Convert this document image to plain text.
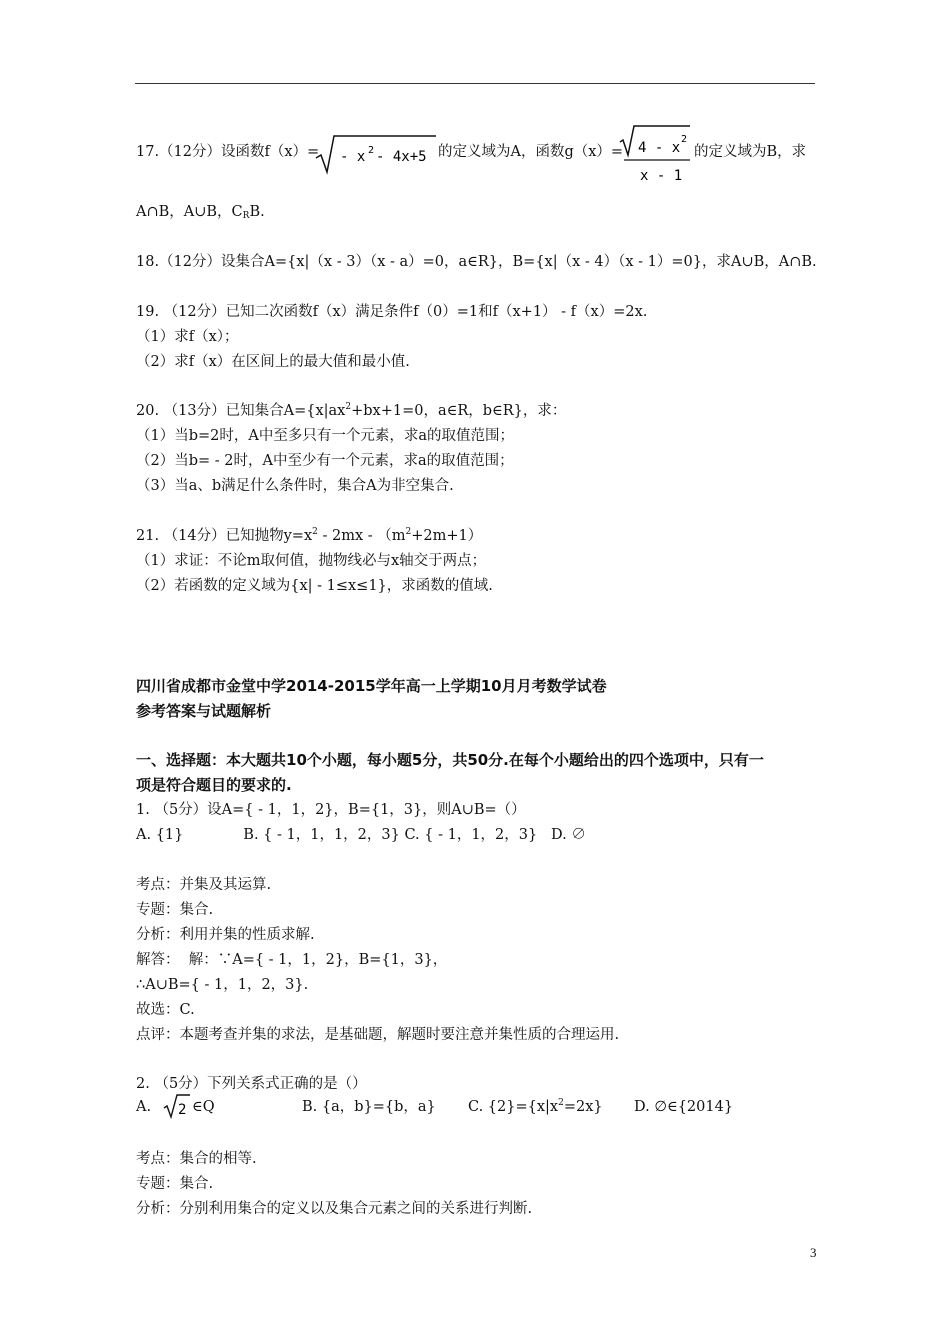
17.（12分）设函数f（x）= - x 2 - 4x+5 的定义域为A，函数g（x）= 4 - x
2
x - 1
的定义域为B，求
A∩B，A∪B，$C_RB$.
18.（12分）设集合A={x|（x - 3）（x - a）=0，a∈R}，B={x|（x - 4）（x - 1）=0}，求A∪B，A∩B.
19. （12分）已知二次函数f（x）满足条件f（0）=1和f（x+1） - f（x）=2x.
（1）求f（x）；
（2）求f（x）在区间上的最大值和最小值.
20. （13分）已知集合$A=\{x|ax^2+bx+1=0$，a∈R，b∈R}，求：
（1）当b=2时，A中至多只有一个元素，求a的取值范围；
（2）当b= - 2时，A中至少有一个元素，求a的取值范围；
（3）当a、b满足什么条件时，集合A为非空集合.
21. （14分）已知抛物$y=x^2 - 2mx - (m^2+2m+1)$
（1）求证：不论m取何值，抛物线必与x轴交于两点；
（2）若函数的定义域为{x| - 1≤x≤1}，求函数的值域.
四川省成都市金堂中学2014-2015学年高一上学期10月月考数学试卷
参考答案与试题解析
一、选择题：本大题共10个小题，每小题5分，共50分.在每个小题给出的四个选项中，只有一
项是符合题目的要求的.
1. （5分）设A={ - 1，1，2}，B={1，3}，则A∪B=（）
A. {1}             B. { - 1，1，1，2，3} C. { - 1，1，2，3}   D. ∅
考点：并集及其运算.
专题：集合.
分析：利用并集的性质求解.
解答：  解：∵A={ - 1，1，2}，B={1，3}，
∴A∪B={ - 1，1，2，3}.
故选：C.
点评：本题考查并集的求法，是基础题，解题时要注意并集性质的合理运用.
2. （5分）下列关系式正确的是（）
A. 2 ∈Q	B. {a，b}={b，a} C. $\{2\}=\{x|x^2=2x\}$ D. ∅∈{2014}
考点：集合的相等.
专题：集合.
分析：分别利用集合的定义以及集合元素之间的关系进行判断.
3
